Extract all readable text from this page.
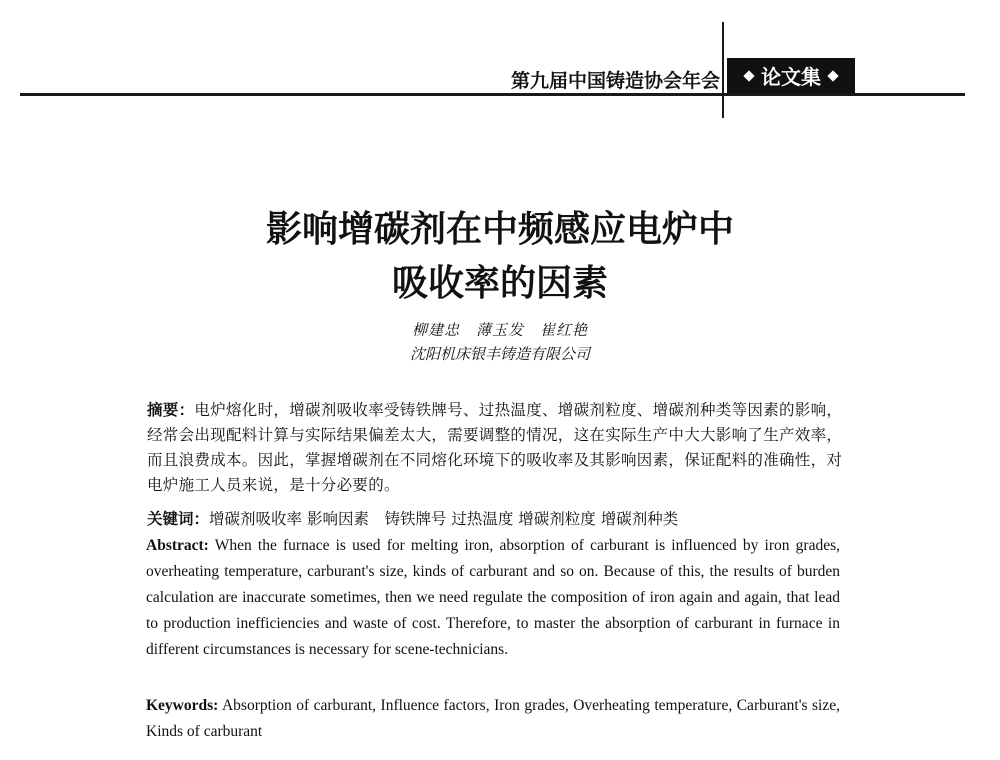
第九届中国铸造协会年会 论文集
影响增碳剂在中频感应电炉中
吸收率的因素

柳建忠　薄玉发　崔红艳

沈阳机床银丰铸造有限公司

摘要：电炉熔化时，增碳剂吸收率受铸铁牌号、过热温度、增碳剂粒度、增碳剂种类等因素的影响，经常会出现配料计算与实际结果偏差太大，需要调整的情况，这在实际生产中大大影响了生产效率，而且浪费成本。因此，掌握增碳剂在不同熔化环境下的吸收率及其影响因素，保证配料的准确性，对电炉施工人员来说，是十分必要的。

关键词：增碳剂吸收率 影响因素　铸铁牌号 过热温度 增碳剂粒度 增碳剂种类

Abstract: When the furnace is used for melting iron, absorption of carburant is influenced by iron grades, overheating temperature, carburant's size, kinds of carburant and so on. Because of this, the results of burden calculation are inaccurate sometimes, then we need regulate the composition of iron again and again, that lead to production inefficiencies and waste of cost. Therefore, to master the absorption of carburant in furnace in different circumstances is necessary for scene-technicians.

Keywords: Absorption of carburant, Influence factors, Iron grades, Overheating temperature, Carburant's size,　Kinds of carburant
